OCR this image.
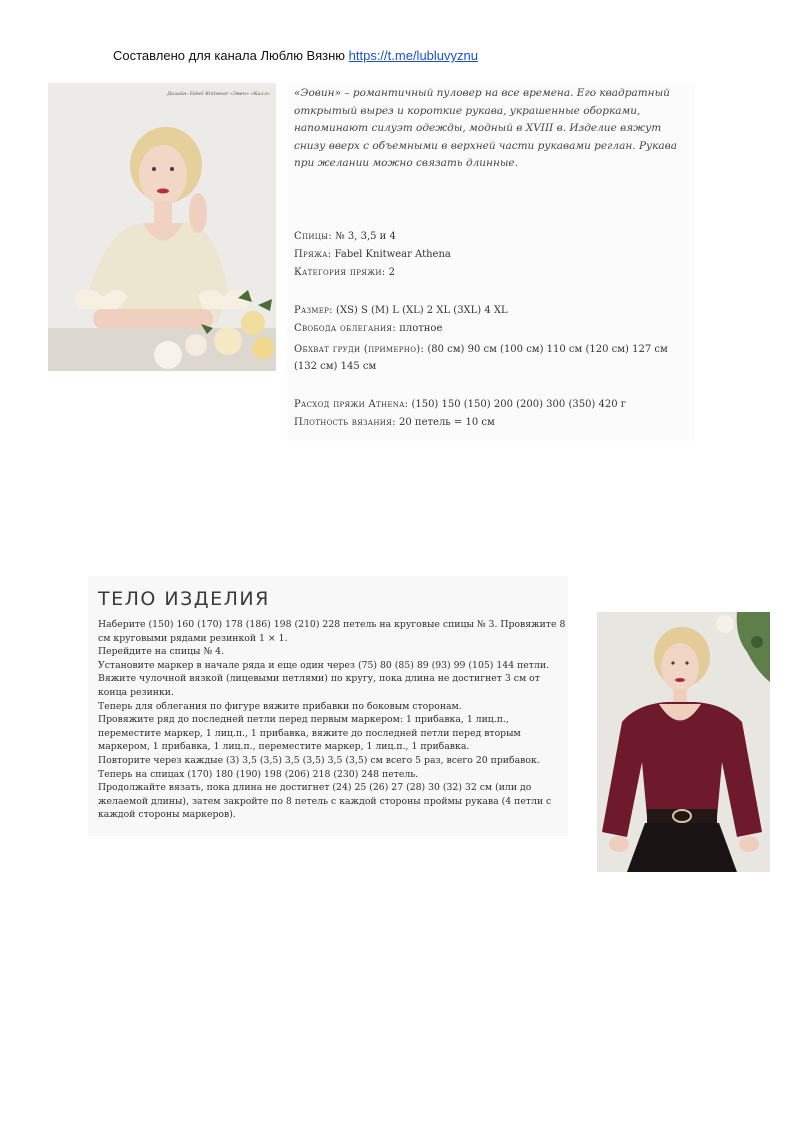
Составлено для канала Люблю Вязню https://t.me/lubluvyznu
Дизайн: Fabel Knitwear «Эвен» «Калл» «Эовин» – романтичный пуловер на все времена. Его квадратный открытый вырез и короткие рукава, украшенные оборками, напоминают силуэт одежды, модный в XVIII в. Изделие вяжут снизу вверх с объемными в верхней части рукавами реглан. Рукава при желании можно связать длинные.
Спицы: № 3, 3,5 и 4
Пряжа: Fabel Knitwear Athena
Категория пряжи: 2
Размер: (XS) S (M) L (XL) 2 XL (3XL) 4 XL
Свобода облегания: плотное
Обхват груди (примерно): (80 см) 90 см (100 см) 110 см (120 см) 127 см (132 см) 145 см
Расход пряжи Athena: (150) 150 (150) 200 (200) 300 (350) 420 г
Плотность вязания: 20 петель = 10 см
ТЕЛО ИЗДЕЛИЯ

Наберите (150) 160 (170) 178 (186) 198 (210) 228 петель на круговые спицы № 3. Провяжите 8 см круговыми рядами резинкой 1 × 1.

Перейдите на спицы № 4.

Установите маркер в начале ряда и еще один через (75) 80 (85) 89 (93) 99 (105) 144 петли. Вяжите чулочной вязкой (лицевыми петлями) по кругу, пока длина не достигнет 3 см от конца резинки.

Теперь для облегания по фигуре вяжите прибавки по боковым сторонам.

Провяжите ряд до последней петли перед первым маркером: 1 прибавка, 1 лиц.п., переместите маркер, 1 лиц.п., 1 прибавка, вяжите до последней петли перед вторым маркером, 1 прибавка, 1 лиц.п., переместите маркер, 1 лиц.п., 1 прибавка.

Повторите через каждые (3) 3,5 (3,5) 3,5 (3,5) 3,5 (3,5) см всего 5 раз, всего 20 прибавок. Теперь на спицах (170) 180 (190) 198 (206) 218 (230) 248 петель.

Продолжайте вязать, пока длина не достигнет (24) 25 (26) 27 (28) 30 (32) 32 см (или до желаемой длины), затем закройте по 8 петель с каждой стороны проймы рукава (4 петли с каждой стороны маркеров).
